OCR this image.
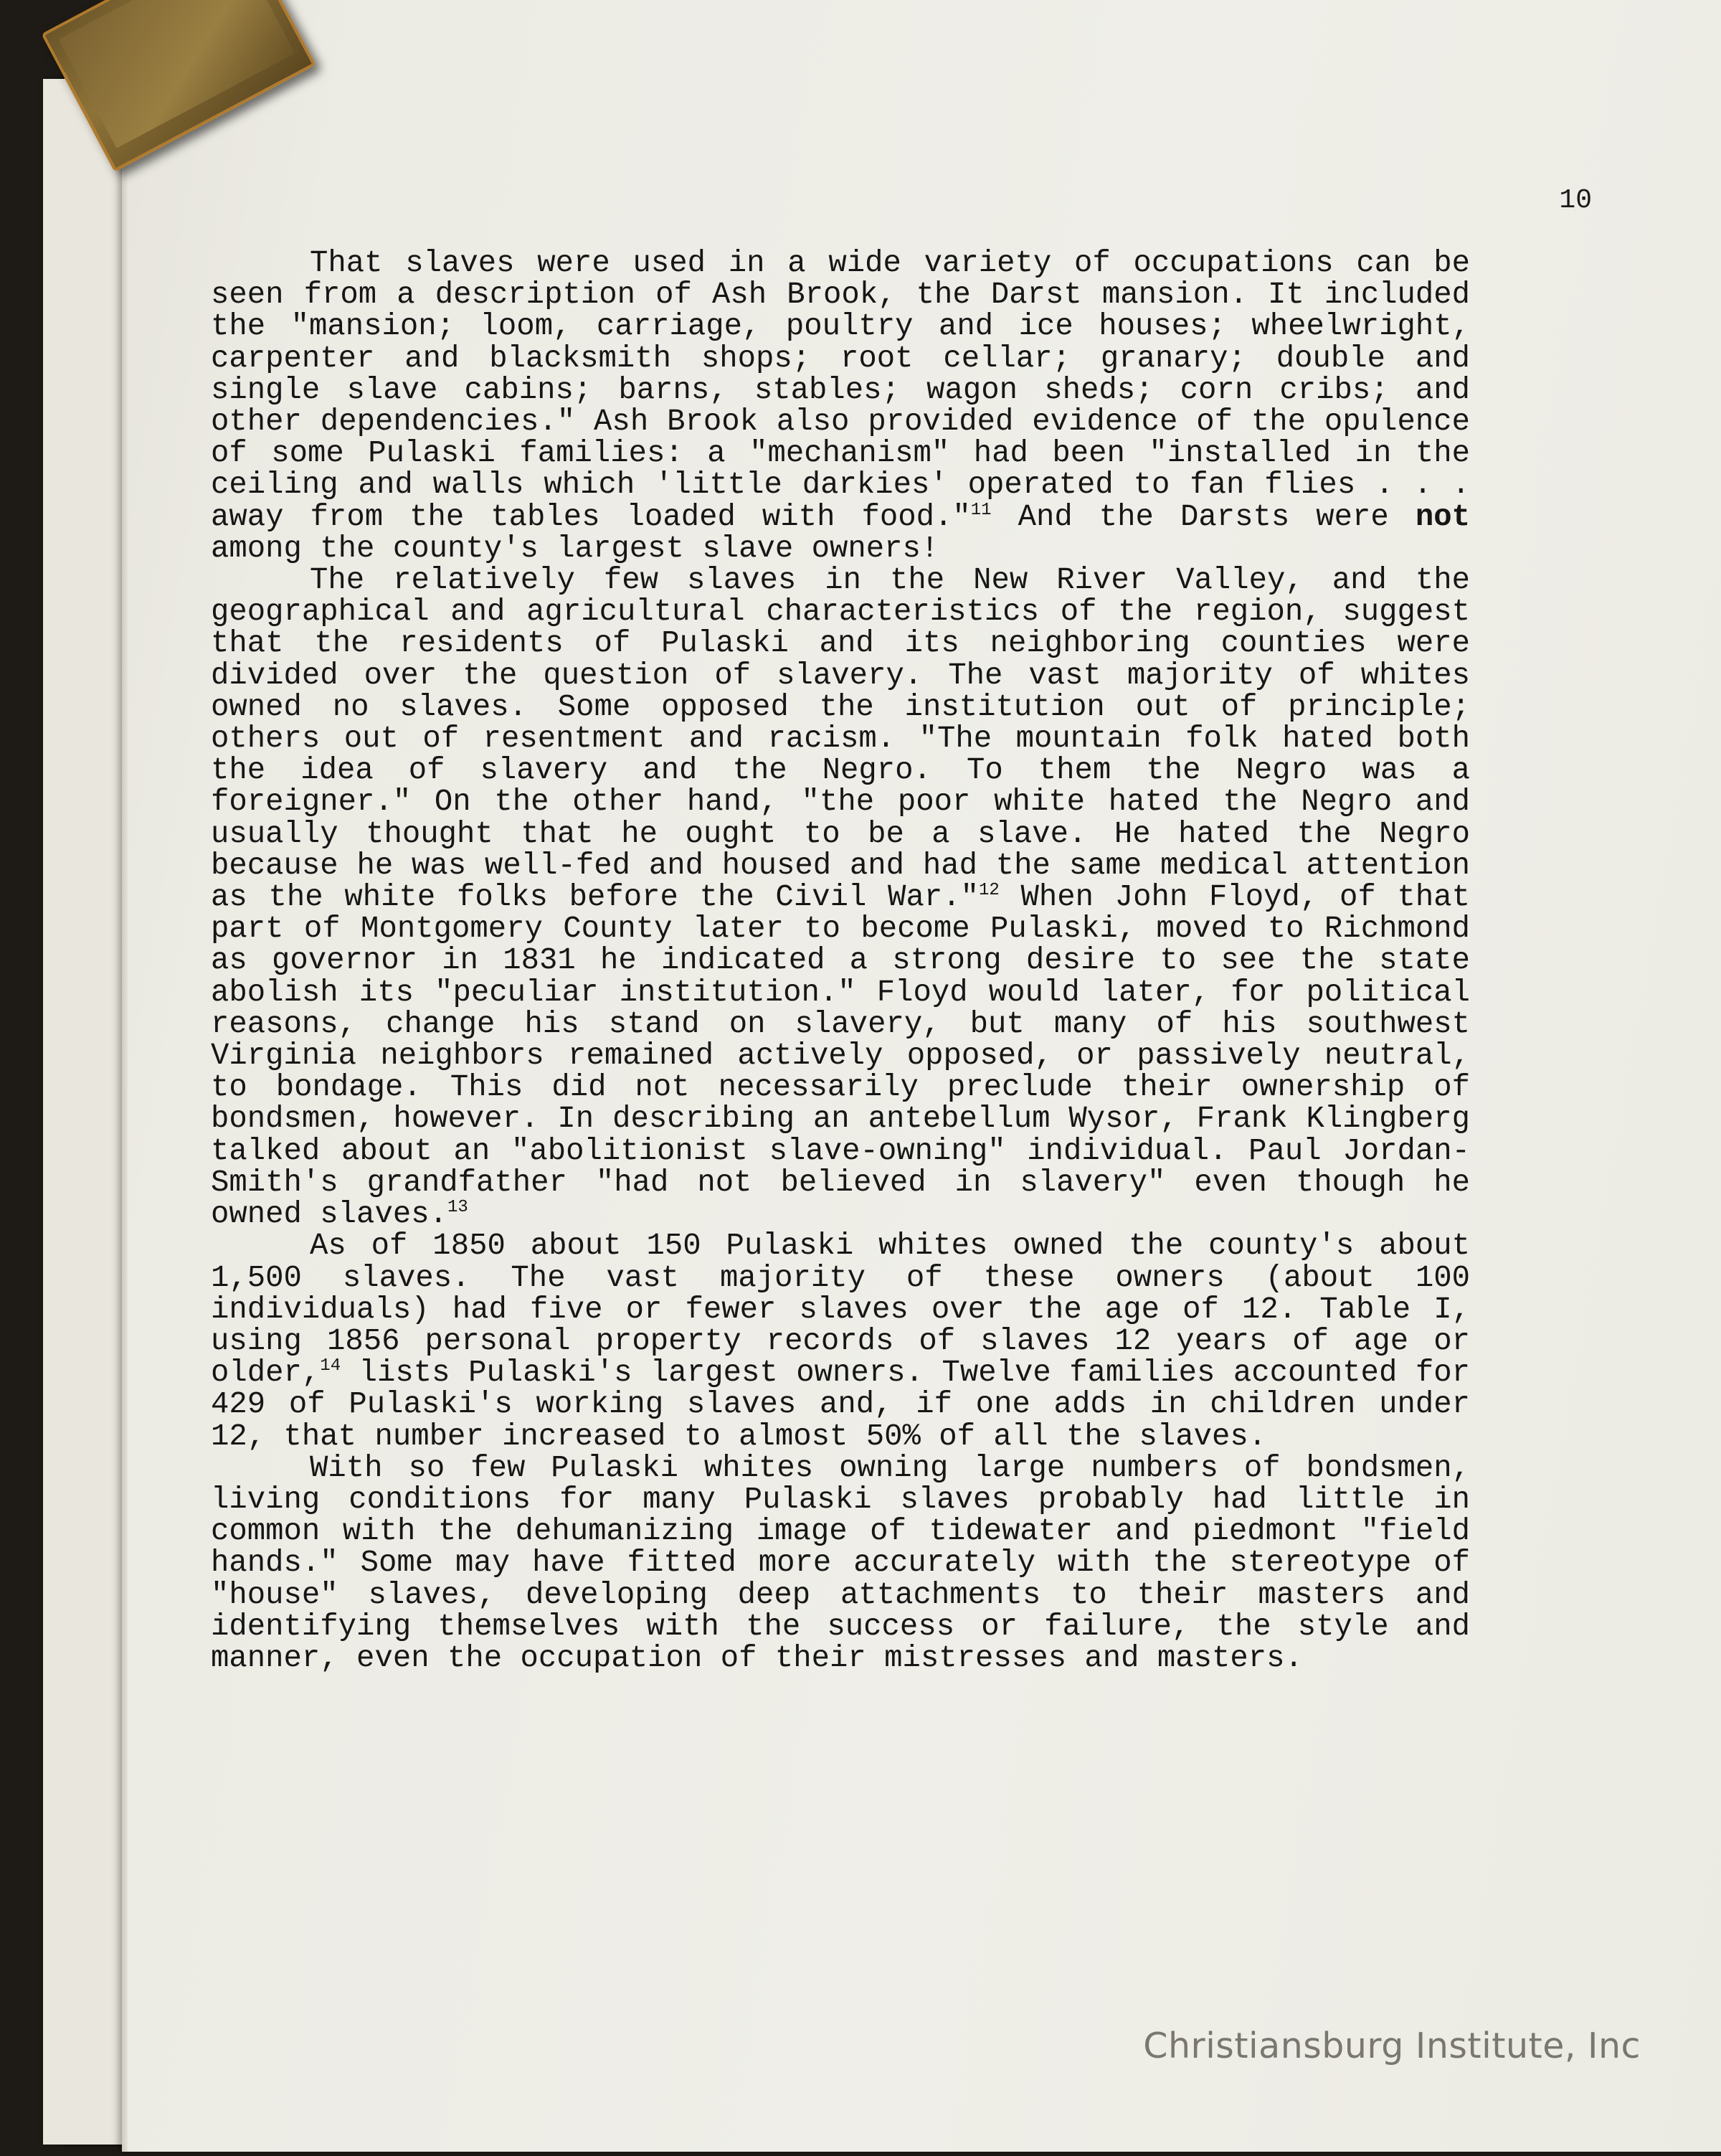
10

That slaves were used in a wide variety of occupations can be seen from a description of Ash Brook, the Darst mansion. It included the "mansion; loom, carriage, poultry and ice houses; wheelwright, carpenter and blacksmith shops; root cellar; granary; double and single slave cabins; barns, stables; wagon sheds; corn cribs; and other dependencies." Ash Brook also provided evidence of the opulence of some Pulaski families: a "mechanism" had been "installed in the ceiling and walls which 'little darkies' operated to fan flies . . . away from the tables loaded with food."$^{11}$ And the Darsts were not among the county's largest slave owners!

The relatively few slaves in the New River Valley, and the geographical and agricultural characteristics of the region, suggest that the residents of Pulaski and its neighboring counties were divided over the question of slavery. The vast majority of whites owned no slaves. Some opposed the institution out of principle; others out of resentment and racism. "The mountain folk hated both the idea of slavery and the Negro. To them the Negro was a foreigner." On the other hand, "the poor white hated the Negro and usually thought that he ought to be a slave. He hated the Negro because he was well-fed and housed and had the same medical attention as the white folks before the Civil War."$^{12}$ When John Floyd, of that part of Montgomery County later to become Pulaski, moved to Richmond as governor in 1831 he indicated a strong desire to see the state abolish its "peculiar institution." Floyd would later, for political reasons, change his stand on slavery, but many of his southwest Virginia neighbors remained actively opposed, or passively neutral, to bondage. This did not necessarily preclude their ownership of bondsmen, however. In describing an antebellum Wysor, Frank Klingberg talked about an "abolitionist slave-owning" individual. Paul Jordan-Smith's grandfather "had not believed in slavery" even though he owned slaves.$^{13}$

As of 1850 about 150 Pulaski whites owned the county's about 1,500 slaves. The vast majority of these owners (about 100 individuals) had five or fewer slaves over the age of 12. Table I, using 1856 personal property records of slaves 12 years of age or older,$^{14}$ lists Pulaski's largest owners. Twelve families accounted for 429 of Pulaski's working slaves and, if one adds in children under 12, that number increased to almost 50% of all the slaves.

With so few Pulaski whites owning large numbers of bondsmen, living conditions for many Pulaski slaves probably had little in common with the dehumanizing image of tidewater and piedmont "field hands." Some may have fitted more accurately with the stereotype of "house" slaves, developing deep attachments to their masters and identifying themselves with the success or failure, the style and manner, even the occupation of their mistresses and masters.

Christiansburg Institute, Inc
